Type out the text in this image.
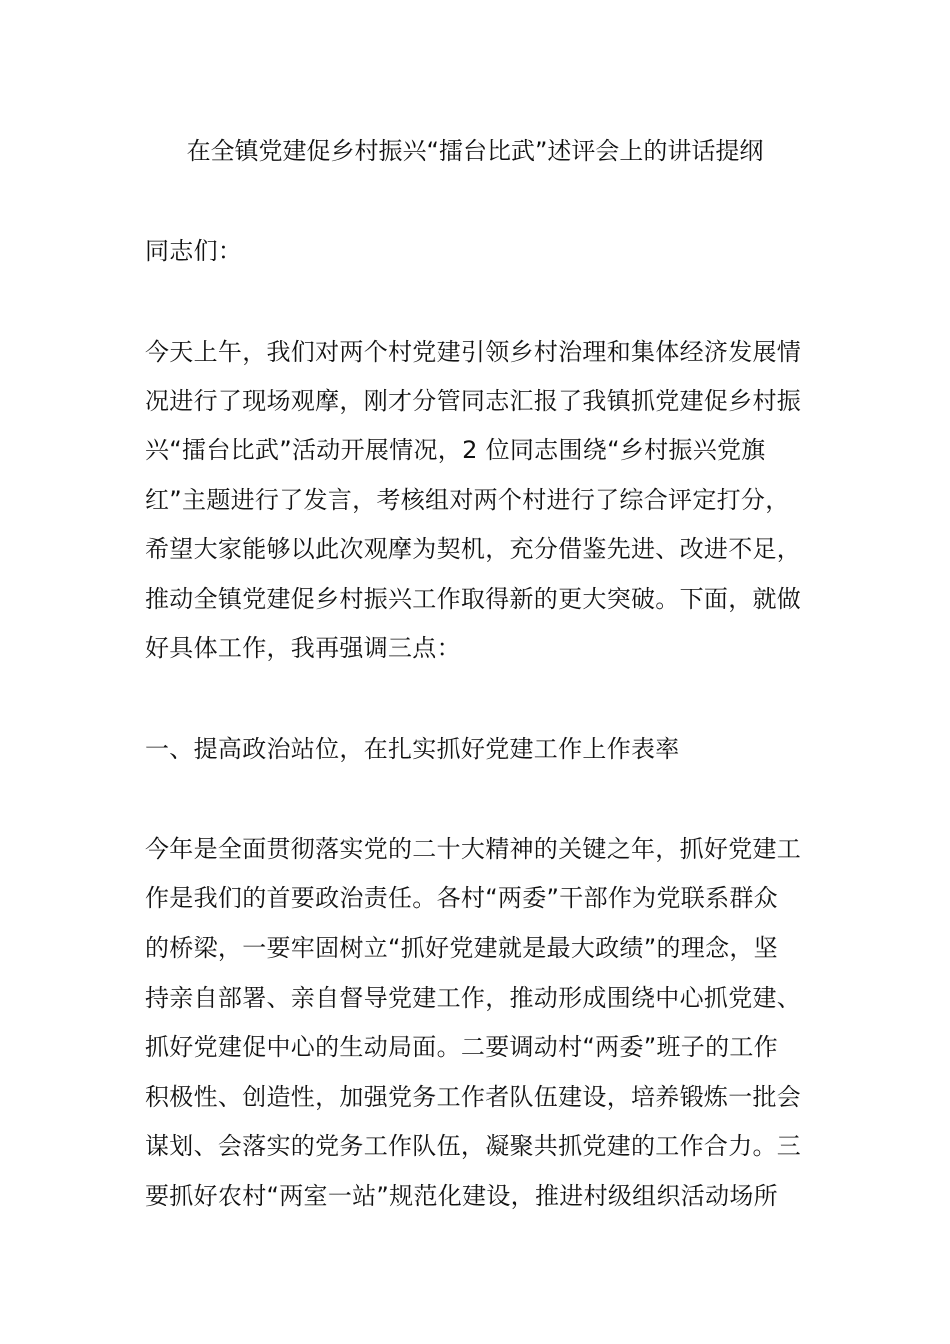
在全镇党建促乡村振兴“擂台比武”述评会上的讲话提纲
同志们：
今天上午，我们对两个村党建引领乡村治理和集体经济发展情
况进行了现场观摩，刚才分管同志汇报了我镇抓党建促乡村振
兴“擂台比武”活动开展情况，2 位同志围绕“乡村振兴党旗
红”主题进行了发言，考核组对两个村进行了综合评定打分，
希望大家能够以此次观摩为契机，充分借鉴先进、改进不足，
推动全镇党建促乡村振兴工作取得新的更大突破。下面，就做
好具体工作，我再强调三点：
一、提高政治站位，在扎实抓好党建工作上作表率
今年是全面贯彻落实党的二十大精神的关键之年，抓好党建工
作是我们的首要政治责任。各村“两委”干部作为党联系群众
的桥梁，一要牢固树立“抓好党建就是最大政绩”的理念，坚
持亲自部署、亲自督导党建工作，推动形成围绕中心抓党建、
抓好党建促中心的生动局面。二要调动村“两委”班子的工作
积极性、创造性，加强党务工作者队伍建设，培养锻炼一批会
谋划、会落实的党务工作队伍，凝聚共抓党建的工作合力。三
要抓好农村“两室一站”规范化建设，推进村级组织活动场所
